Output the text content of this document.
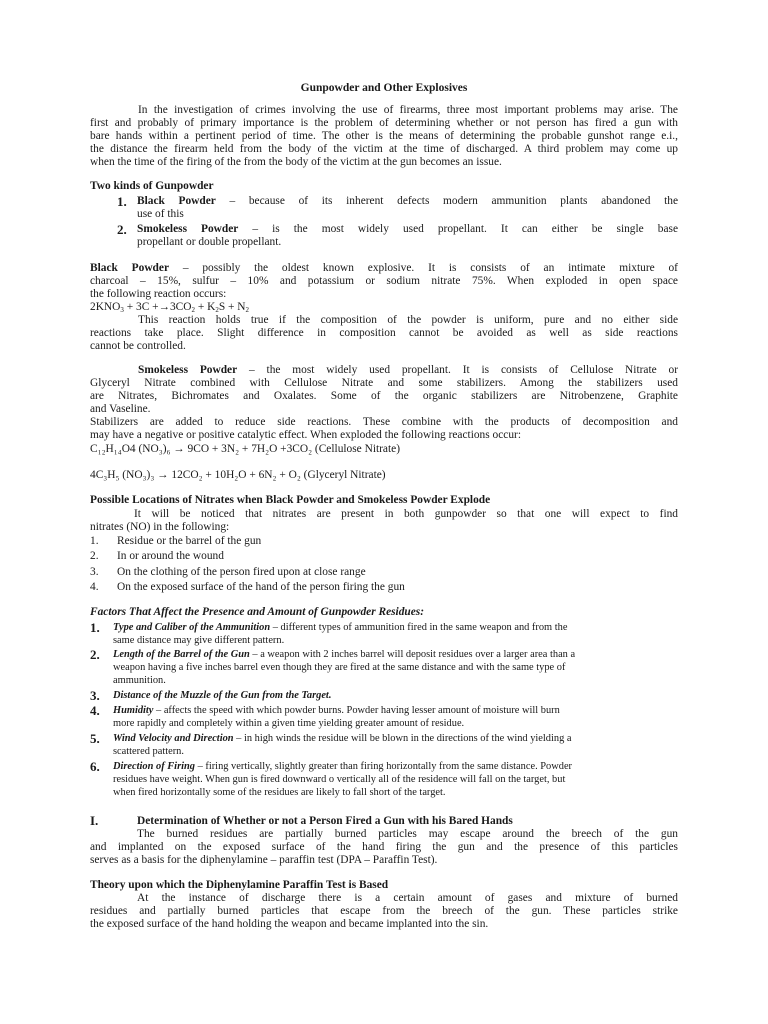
Gunpowder and Other Explosives
In the investigation of crimes involving the use of firearms, three most important problems may arise. The
first and probably of primary importance is the problem of determining whether or not person has fired a gun with
bare hands within a pertinent period of time. The other is the means of determining the probable gunshot range e.i.,
the distance the firearm held from the body of the victim at the time of discharged. A third problem may come up
when the time of the firing of the from the body of the victim at the gun becomes an issue.
Two kinds of Gunpowder
1. Black Powder – because of its inherent defects modern ammunition plants abandoned the
use of this
2. Smokeless Powder – is the most widely used propellant. It can either be single base
propellant or double propellant.
Black Powder – possibly the oldest known explosive. It is consists of an intimate mixture of
charcoal – 15%, sulfur – 10% and potassium or sodium nitrate 75%. When exploded in open space
the following reaction occurs:
$2KNO_3 + 3C +\to 3CO_2 + K_2S + N_2$
This reaction holds true if the composition of the powder is uniform, pure and no either side
reactions take place. Slight difference in composition cannot be avoided as well as side reactions
cannot be controlled.
Smokeless Powder – the most widely used propellant. It is consists of Cellulose Nitrate or
Glyceryl Nitrate combined with Cellulose Nitrate and some stabilizers. Among the stabilizers used
are Nitrates, Bichromates and Oxalates. Some of the organic stabilizers are Nitrobenzene, Graphite
and Vaseline.
Stabilizers are added to reduce side reactions. These combine with the products of decomposition and
may have a negative or positive catalytic effect. When exploded the following reactions occur:
C₁₂H₁₄O4 (NO₃)₆ → 9CO + 3N₂ + 7H₂O +3CO₂ (Cellulose Nitrate)
4C₃H₅ (NO₃)₃ → 12CO₂ + 10H₂O + 6N₂ + O₂ (Glyceryl Nitrate)
Possible Locations of Nitrates when Black Powder and Smokeless Powder Explode
It will be noticed that nitrates are present in both gunpowder so that one will expect to find
nitrates (NO) in the following:
1. Residue or the barrel of the gun
2. In or around the wound
3. On the clothing of the person fired upon at close range
4. On the exposed surface of the hand of the person firing the gun
Factors That Affect the Presence and Amount of Gunpowder Residues:
1.	Type and Caliber of the Ammunition – different types of ammunition fired in the same weapon and from the
same distance may give different pattern.
2.	Length of the Barrel of the Gun – a weapon with 2 inches barrel will deposit residues over a larger area than a
weapon having a five inches barrel even though they are fired at the same distance and with the same type of
ammunition.
3.	Distance of the Muzzle of the Gun from the Target.
4.	Humidity – affects the speed with which powder burns. Powder having lesser amount of moisture will burn
more rapidly and completely within a given time yielding greater amount of residue.
5.	Wind Velocity and Direction – in high winds the residue will be blown in the directions of the wind yielding a
scattered pattern.
6.	Direction of Firing – firing vertically, slightly greater than firing horizontally from the same distance. Powder
residues have weight. When gun is fired downward o vertically all of the residence will fall on the target, but
when fired horizontally some of the residues are likely to fall short of the target.
I.	Determination of Whether or not a Person Fired a Gun with his Bared Hands
The burned residues are partially burned particles may escape around the breech of the gun
and implanted on the exposed surface of the hand firing the gun and the presence of this particles
serves as a basis for the diphenylamine – paraffin test (DPA – Paraffin Test).
Theory upon which the Diphenylamine Paraffin Test is Based
At the instance of discharge there is a certain amount of gases and mixture of burned
residues and partially burned particles that escape from the breech of the gun. These particles strike
the exposed surface of the hand holding the weapon and became implanted into the sin.
